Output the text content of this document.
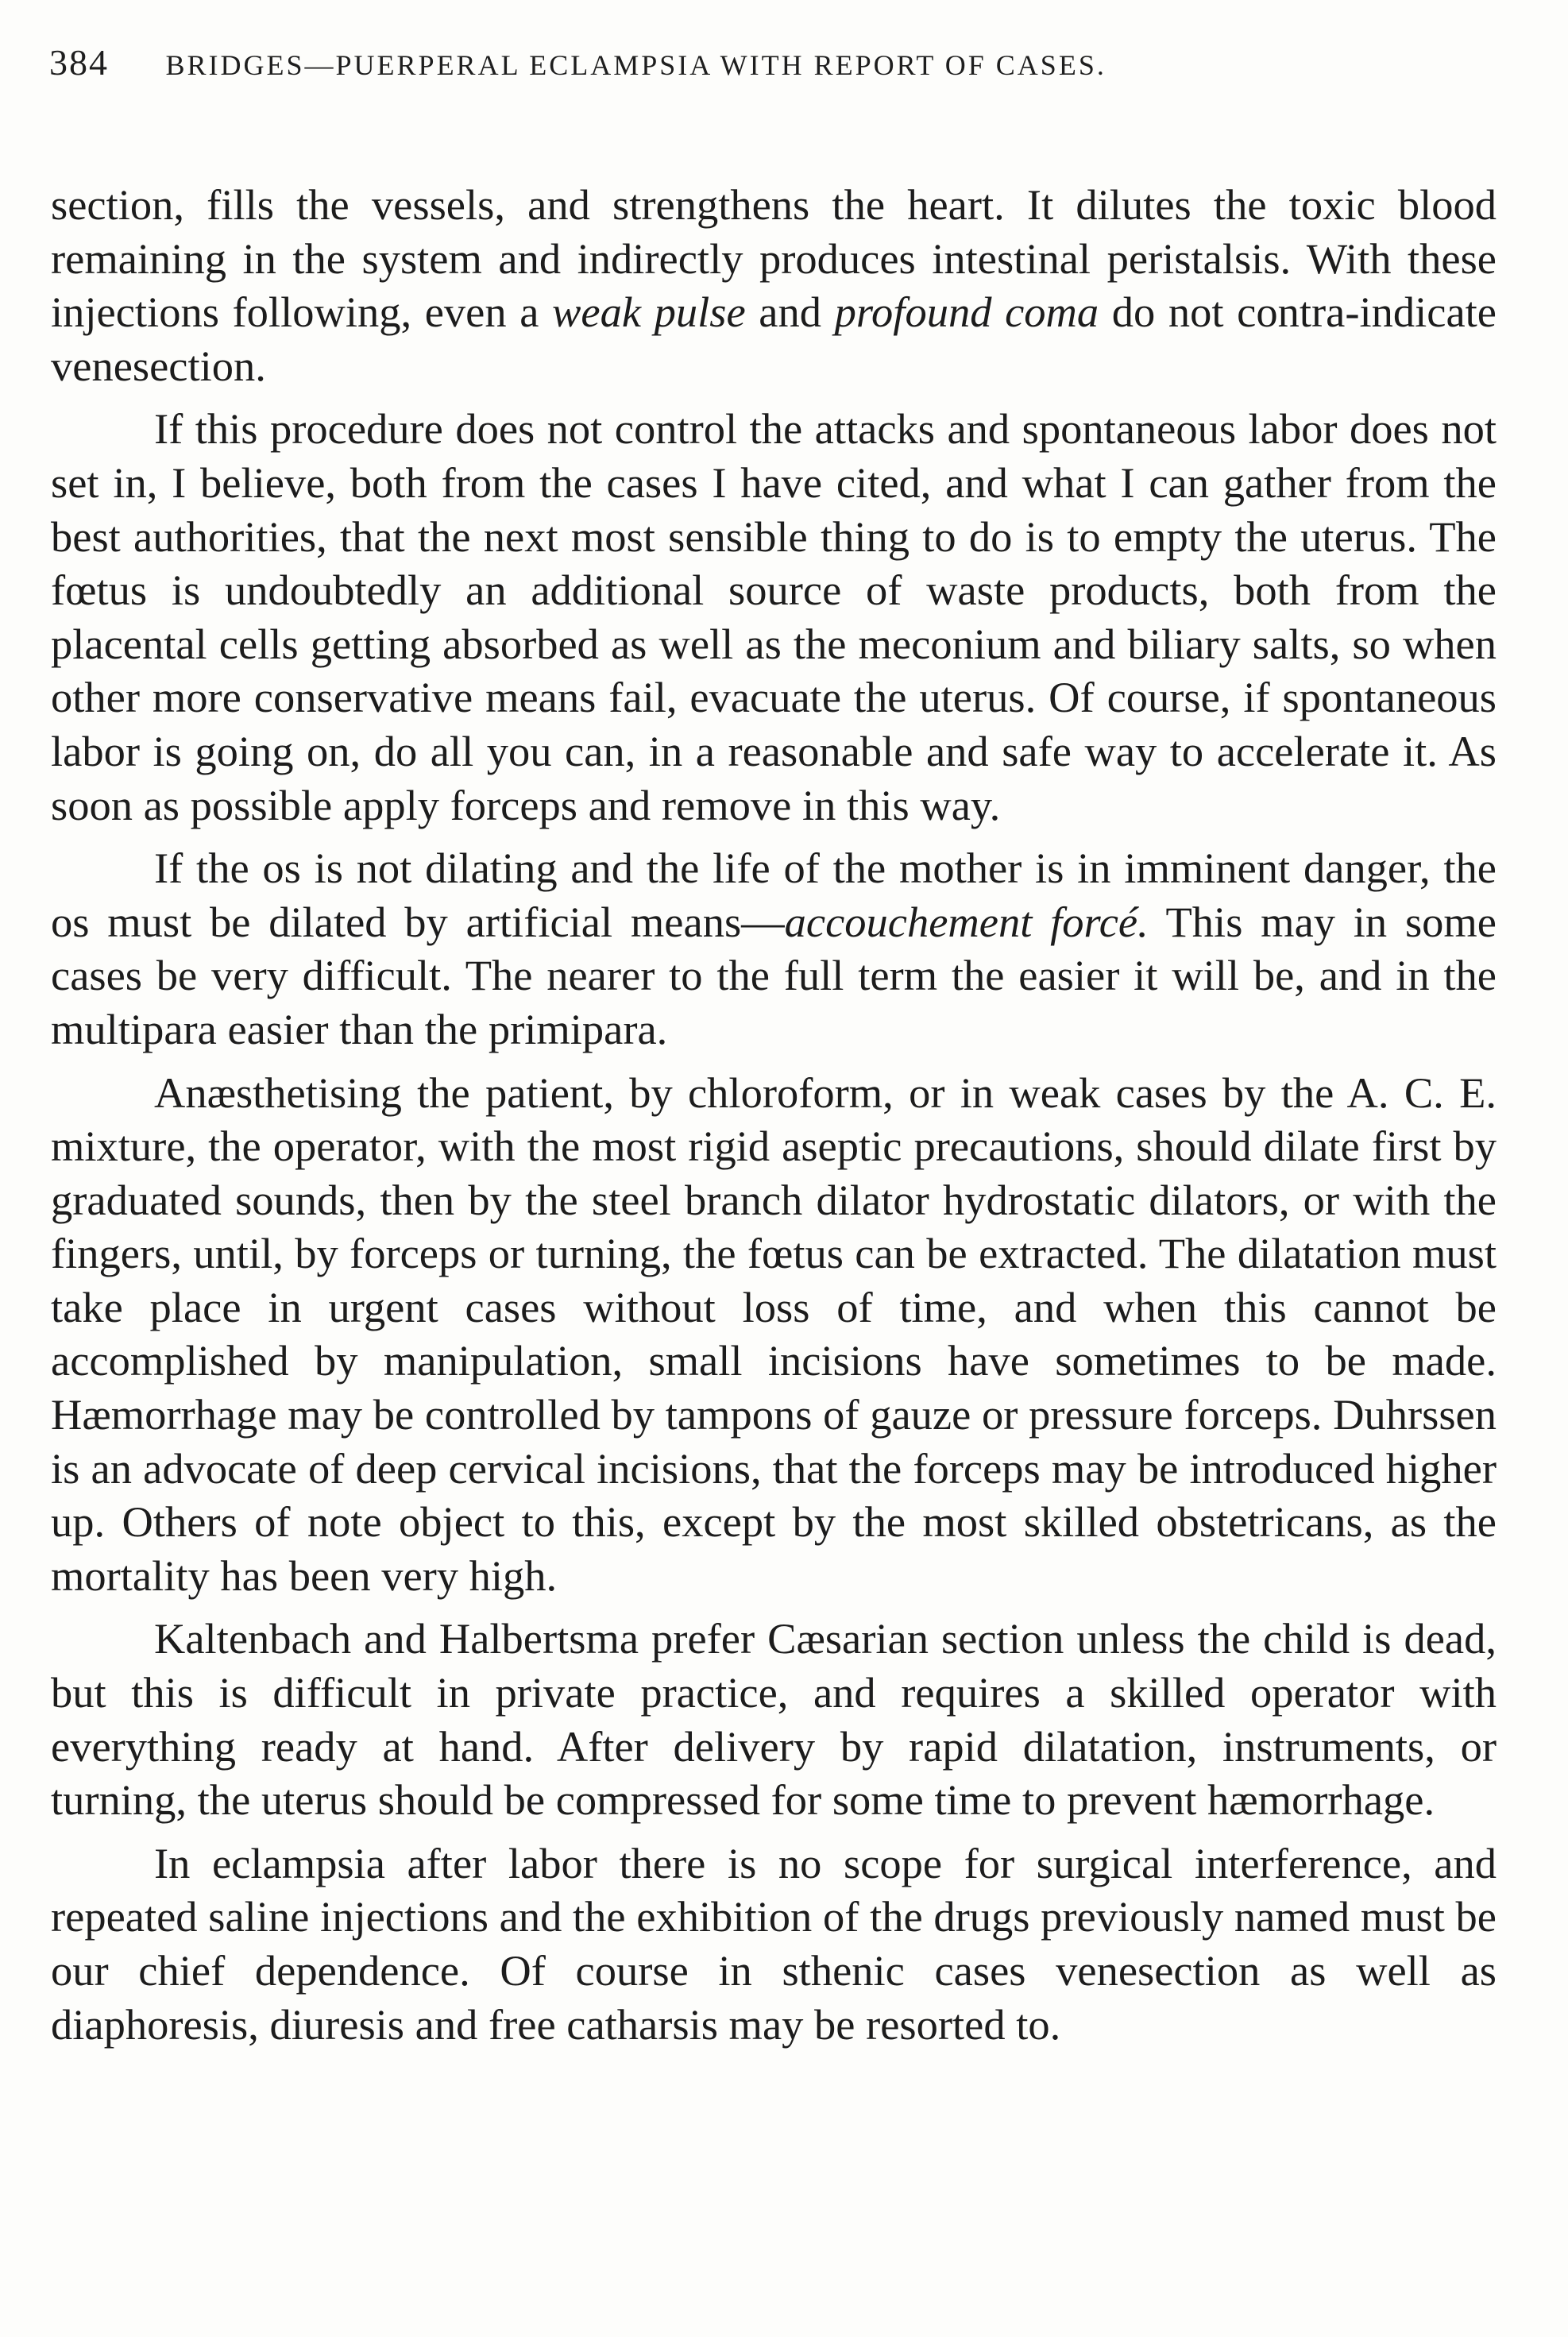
384 BRIDGES—PUERPERAL ECLAMPSIA WITH REPORT OF CASES.

section, fills the vessels, and strengthens the heart. It dilutes the toxic blood remaining in the system and indirectly produces intestinal peristalsis. With these injections following, even a weak pulse and profound coma do not contra-indicate venesection.

If this procedure does not control the attacks and spontaneous labor does not set in, I believe, both from the cases I have cited, and what I can gather from the best authorities, that the next most sensible thing to do is to empty the uterus. The fœtus is undoubtedly an additional source of waste products, both from the placental cells getting absorbed as well as the meconium and biliary salts, so when other more conservative means fail, evacuate the uterus. Of course, if spontaneous labor is going on, do all you can, in a reasonable and safe way to accelerate it. As soon as possible apply forceps and remove in this way.

If the os is not dilating and the life of the mother is in imminent danger, the os must be dilated by artificial means—accouchement forcé. This may in some cases be very difficult. The nearer to the full term the easier it will be, and in the multipara easier than the primipara.

Anæsthetising the patient, by chloroform, or in weak cases by the A. C. E. mixture, the operator, with the most rigid aseptic precautions, should dilate first by graduated sounds, then by the steel branch dilator hydrostatic dilators, or with the fingers, until, by forceps or turning, the fœtus can be extracted. The dilatation must take place in urgent cases without loss of time, and when this cannot be accomplished by manipulation, small incisions have sometimes to be made. Hæmorrhage may be controlled by tampons of gauze or pressure forceps. Duhrssen is an advocate of deep cervical incisions, that the forceps may be introduced higher up. Others of note object to this, except by the most skilled obstetricans, as the mortality has been very high.

Kaltenbach and Halbertsma prefer Cæsarian section unless the child is dead, but this is difficult in private practice, and requires a skilled operator with everything ready at hand. After delivery by rapid dilatation, instruments, or turning, the uterus should be compressed for some time to prevent hæmorrhage.

In eclampsia after labor there is no scope for surgical interference, and repeated saline injections and the exhibition of the drugs previously named must be our chief dependence. Of course in sthenic cases venesection as well as diaphoresis, diuresis and free catharsis may be resorted to.
